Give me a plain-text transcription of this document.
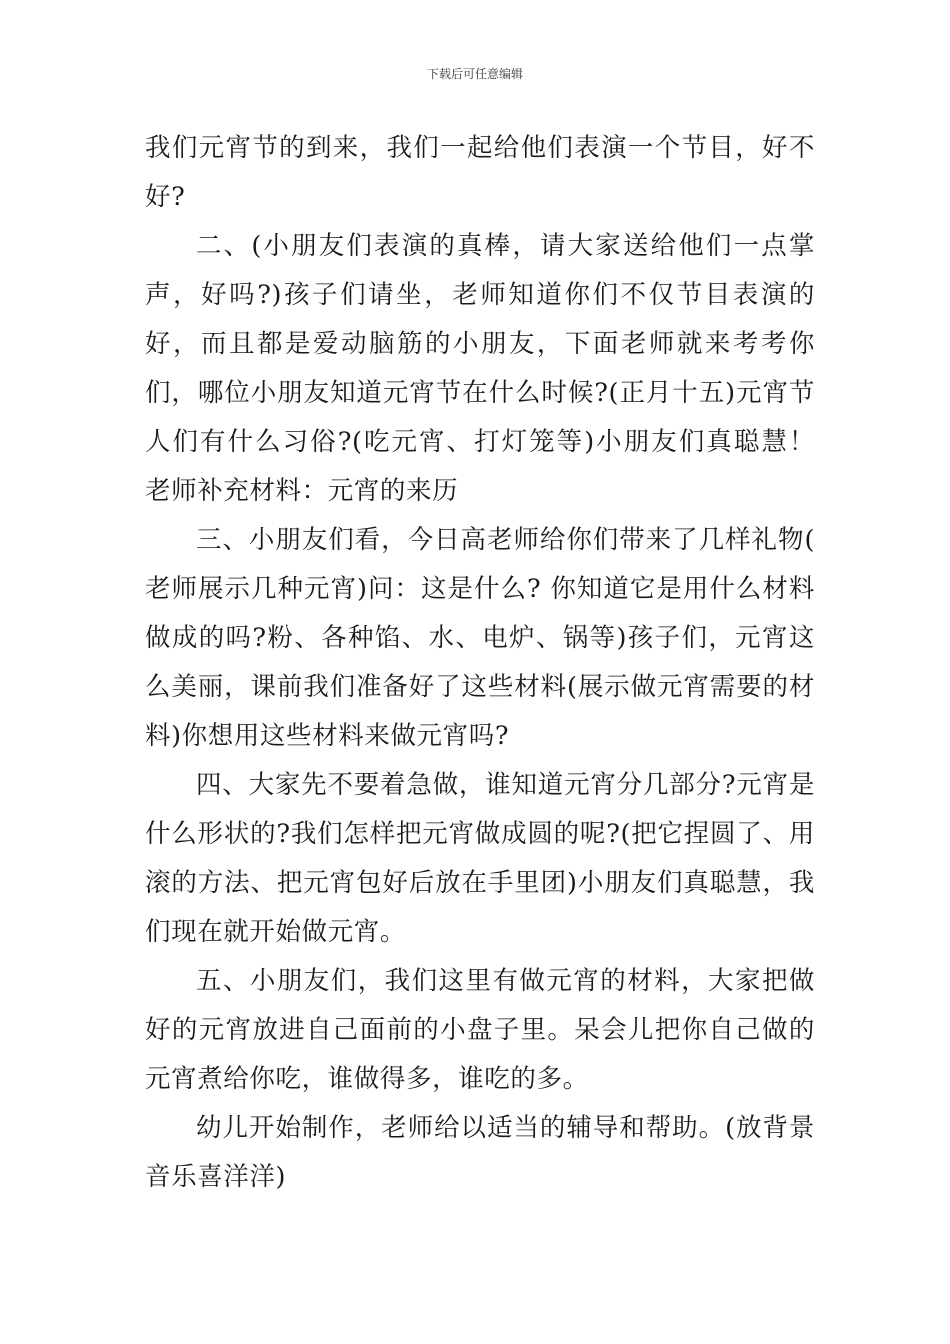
下载后可任意编辑

我们元宵节的到来，我们一起给他们表演一个节目，好不好?

二、(小朋友们表演的真棒，请大家送给他们一点掌声，好吗?)孩子们请坐，老师知道你们不仅节目表演的好，而且都是爱动脑筋的小朋友，下面老师就来考考你们，哪位小朋友知道元宵节在什么时候?(正月十五)元宵节人们有什么习俗?(吃元宵、打灯笼等)小朋友们真聪慧！　老师补充材料：元宵的来历

三、小朋友们看，今日高老师给你们带来了几样礼物( 老师展示几种元宵)问：这是什么? 你知道它是用什么材料做成的吗?粉、各种馅、水、电炉、锅等)孩子们，元宵这么美丽，课前我们准备好了这些材料(展示做元宵需要的材料)你想用这些材料来做元宵吗?

四、大家先不要着急做，谁知道元宵分几部分?元宵是什么形状的?我们怎样把元宵做成圆的呢?(把它捏圆了、用滚的方法、把元宵包好后放在手里团)小朋友们真聪慧，我们现在就开始做元宵。

五、小朋友们，我们这里有做元宵的材料，大家把做好的元宵放进自己面前的小盘子里。呆会儿把你自己做的元宵煮给你吃，谁做得多，谁吃的多。

幼儿开始制作，老师给以适当的辅导和帮助。(放背景音乐喜洋洋)
